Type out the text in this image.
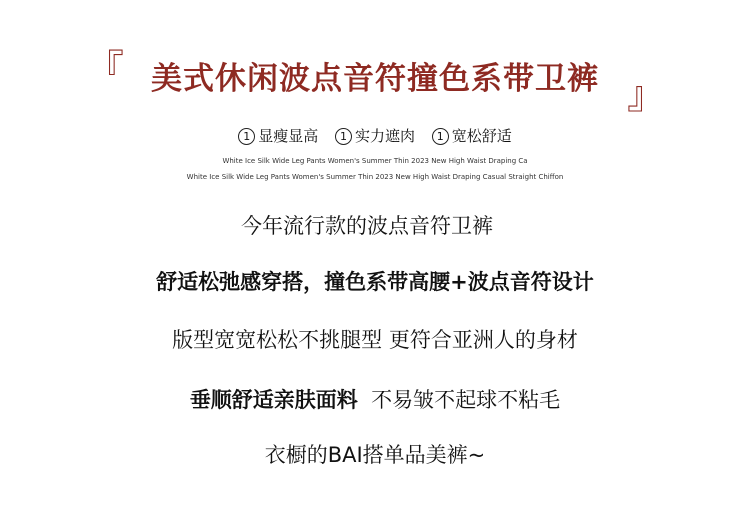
『 美式休闲波点音符撞色系带卫裤 』
1 显瘦显高 1 实力遮肉 1 宽松舒适
White Ice Silk Wide Leg Pants Women's Summer Thin 2023 New High Waist Draping Ca
White Ice Silk Wide Leg Pants Women's Summer Thin 2023 New High Waist Draping Casual Straight Chiffon
今年流行款的波点音符卫裤
舒适松弛感穿搭，撞色系带高腰+波点音符设计
版型宽宽松松不挑腿型 更符合亚洲人的身材
垂顺舒适亲肤面料  不易皱不起球不粘毛
衣橱的BAI搭单品美裤~
